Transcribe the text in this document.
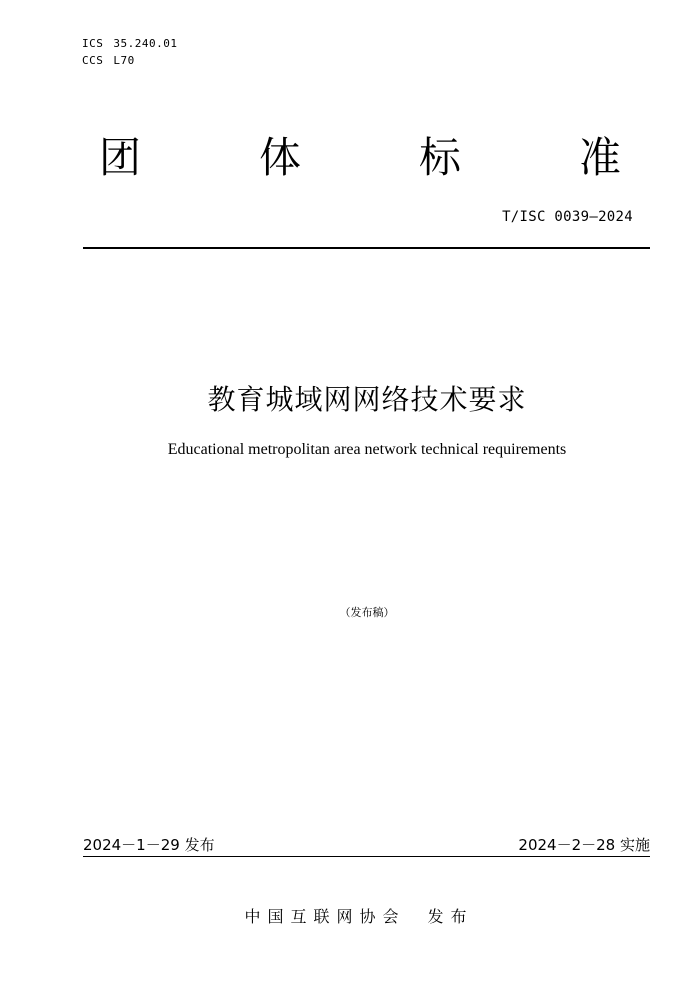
ICS 35.240.01
CCS L70
团	体	标	准
T/ISC 0039—2024
教育城域网网络技术要求
Educational metropolitan area network technical requirements
（发布稿）
2024－1－29 发布	2024－2－28 实施
中国互联网协会 发布
